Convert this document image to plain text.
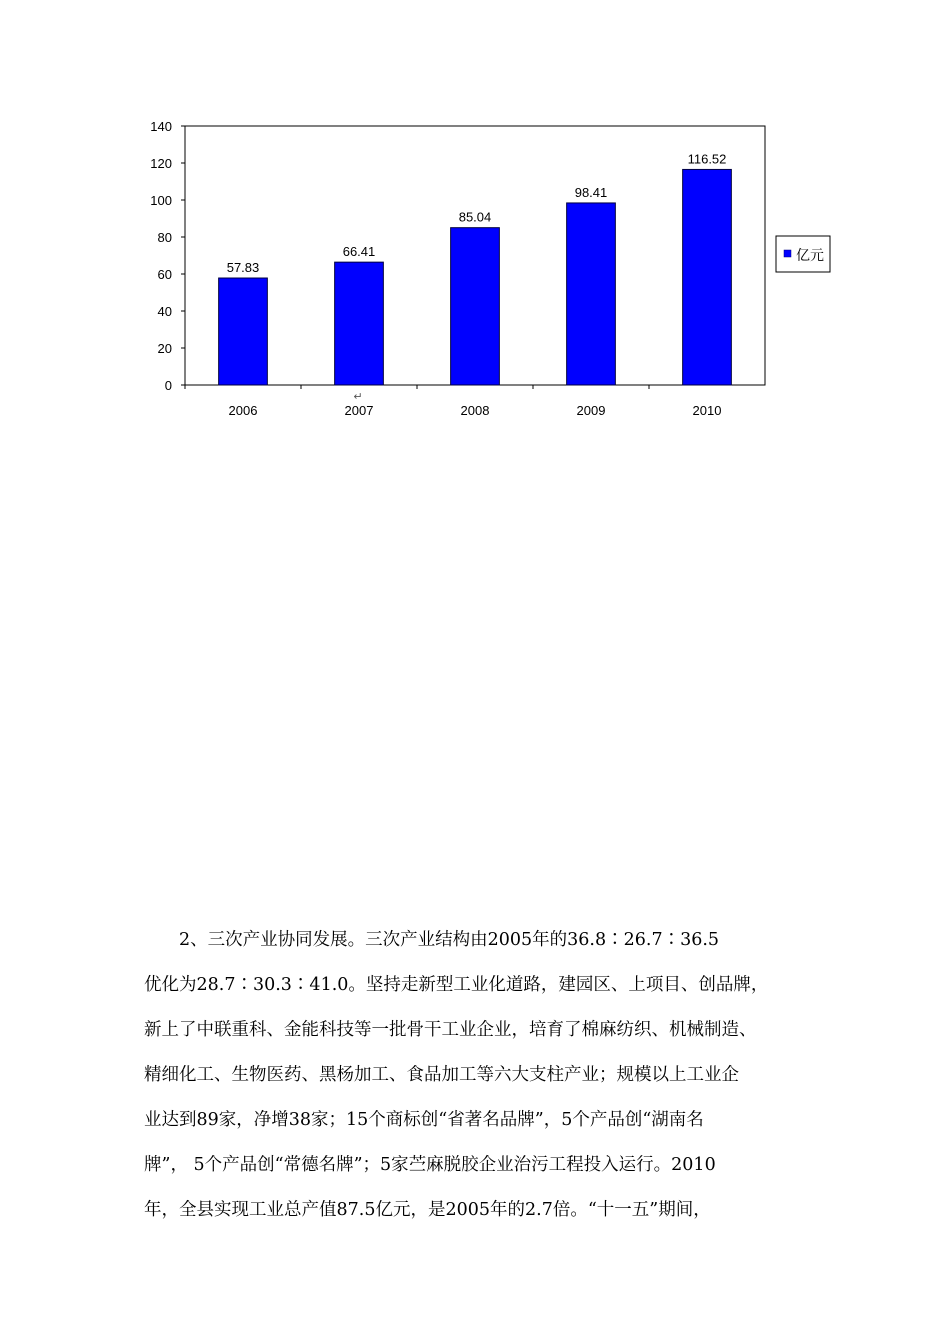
0
20
40
60
80
100
120
140
57.83
66.41
85.04
98.41
116.52
2006	2007	2008	2009	2010
↵
亿元

　　2、三次产业协同发展。三次产业结构由2005年的36.8∶26.7∶36.5
优化为28.7∶30.3∶41.0。坚持走新型工业化道路，建园区、上项目、创品牌，
新上了中联重科、金能科技等一批骨干工业企业，培育了棉麻纺织、机械制造、
精细化工、生物医药、黑杨加工、食品加工等六大支柱产业；规模以上工业企
业达到89家，净增38家；15个商标创“省著名品牌”，5个产品创“湖南名
牌”， 5个产品创“常德名牌”；5家苎麻脱胶企业治污工程投入运行。2010
年，全县实现工业总产值87.5亿元，是2005年的2.7倍。“十一五”期间，
